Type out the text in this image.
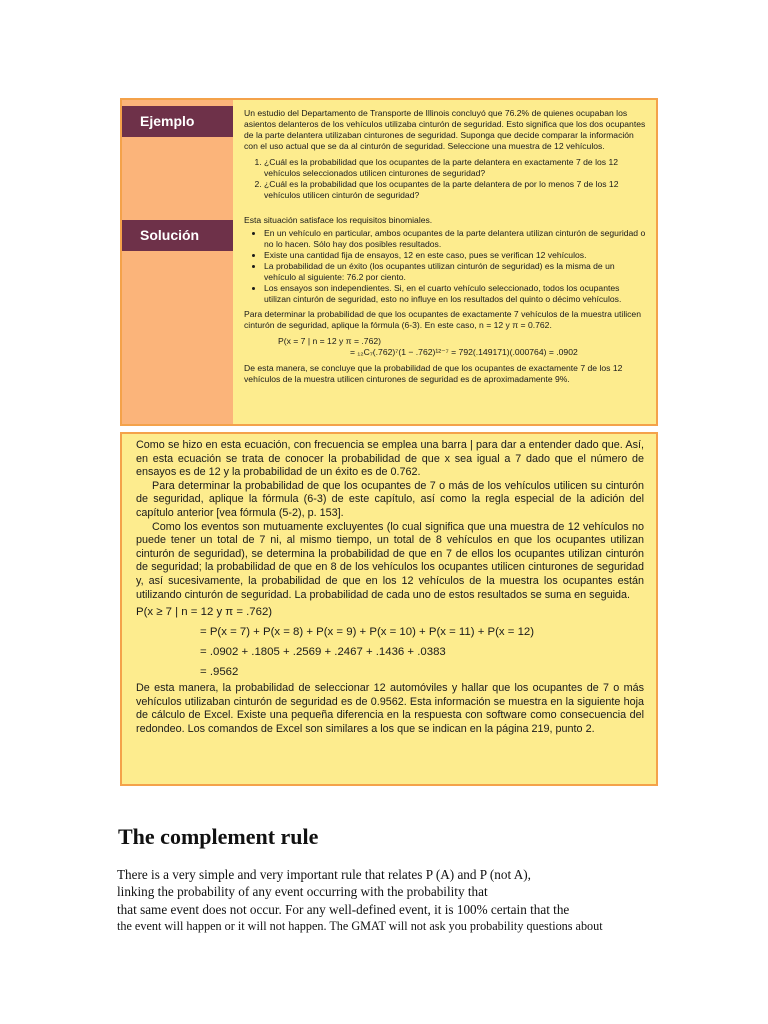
Ejemplo
Solución

Un estudio del Departamento de Transporte de Illinois concluyó que 76.2% de quienes ocupaban los asientos delanteros de los vehículos utilizaba cinturón de seguridad. Esto significa que los dos ocupantes de la parte delantera utilizaban cinturones de seguridad. Suponga que decide comparar la información con el uso actual que se da al cinturón de seguridad. Seleccione una muestra de 12 vehículos.

1. ¿Cuál es la probabilidad que los ocupantes de la parte delantera en exactamente 7 de los 12 vehículos seleccionados utilicen cinturones de seguridad?
2. ¿Cuál es la probabilidad que los ocupantes de la parte delantera de por lo menos 7 de los 12 vehículos utilicen cinturón de seguridad?

Esta situación satisface los requisitos binomiales.

• En un vehículo en particular, ambos ocupantes de la parte delantera utilizan cinturón de seguridad o no lo hacen. Sólo hay dos posibles resultados.
• Existe una cantidad fija de ensayos, 12 en este caso, pues se verifican 12 vehículos.
• La probabilidad de un éxito (los ocupantes utilizan cinturón de seguridad) es la misma de un vehículo al siguiente: 76.2 por ciento.
• Los ensayos son independientes. Si, en el cuarto vehículo seleccionado, todos los ocupantes utilizan cinturón de seguridad, esto no influye en los resultados del quinto o décimo vehículos.

Para determinar la probabilidad de que los ocupantes de exactamente 7 vehículos de la muestra utilicen cinturón de seguridad, aplique la fórmula (6-3). En este caso, n = 12 y π = 0.762.

P(x = 7 | n = 12 y π = .762)
= ₁₂C₇(.762)⁷(1 − .762)¹²⁻⁷ = 792(.149171)(.000764) = .0902

De esta manera, se concluye que la probabilidad de que los ocupantes de exactamente 7 de los 12 vehículos de la muestra utilicen cinturones de seguridad es de aproximadamente 9%.

Como se hizo en esta ecuación, con frecuencia se emplea una barra | para dar a entender dado que. Así, en esta ecuación se trata de conocer la probabilidad de que x sea igual a 7 dado que el número de ensayos es de 12 y la probabilidad de un éxito es de 0.762.

Para determinar la probabilidad de que los ocupantes de 7 o más de los vehículos utilicen su cinturón de seguridad, aplique la fórmula (6-3) de este capítulo, así como la regla especial de la adición del capítulo anterior [vea fórmula (5-2), p. 153].

Como los eventos son mutuamente excluyentes (lo cual significa que una muestra de 12 vehículos no puede tener un total de 7 ni, al mismo tiempo, un total de 8 vehículos en que los ocupantes utilizan cinturón de seguridad), se determina la probabilidad de que en 7 de ellos los ocupantes utilizan cinturón de seguridad; la probabilidad de que en 8 de los vehículos los ocupantes utilicen cinturones de seguridad y, así sucesivamente, la probabilidad de que en los 12 vehículos de la muestra los ocupantes están utilizando cinturón de seguridad. La probabilidad de cada uno de estos resultados se suma en seguida.

P(x ≥ 7 | n = 12 y π = .762)
= P(x = 7) + P(x = 8) + P(x = 9) + P(x = 10) + P(x = 11) + P(x = 12)
= .0902 + .1805 + .2569 + .2467 + .1436 + .0383
= .9562

De esta manera, la probabilidad de seleccionar 12 automóviles y hallar que los ocupantes de 7 o más vehículos utilizaban cinturón de seguridad es de 0.9562. Esta información se muestra en la siguiente hoja de cálculo de Excel. Existe una pequeña diferencia en la respuesta con software como consecuencia del redondeo. Los comandos de Excel son similares a los que se indican en la página 219, punto 2.

The complement rule
There is a very simple and very important rule that relates P (A) and P (not A),
linking the probability of any event occurring with the probability that
that same event does not occur. For any well-defined event, it is 100% certain that the
the event will happen or it will not happen. The GMAT will not ask you probability questions about
